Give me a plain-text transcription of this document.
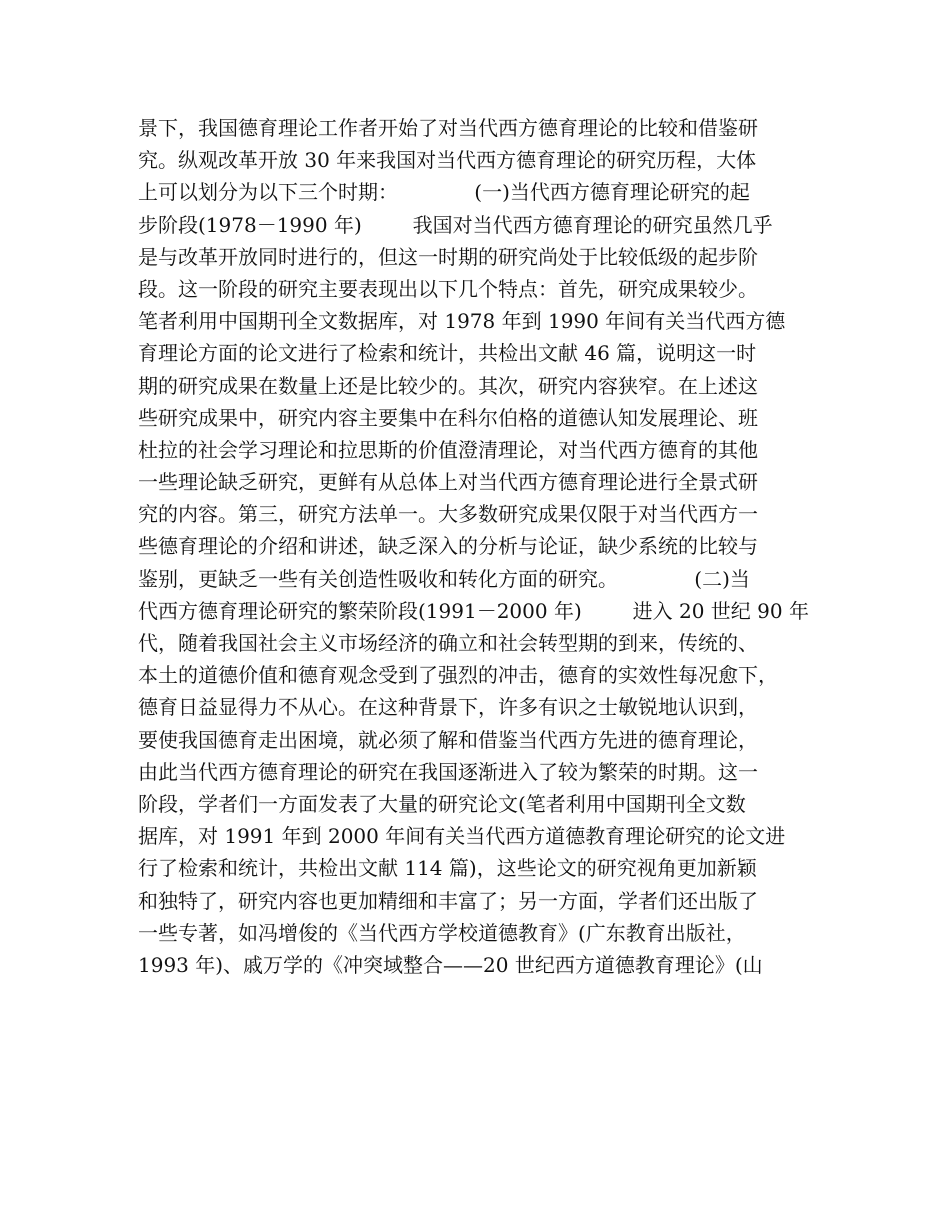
景下，我国德育理论工作者开始了对当代西方德育理论的比较和借鉴研
究。纵观改革开放 30 年来我国对当代西方德育理论的研究历程，大体
上可以划分为以下三个时期：            (一)当代西方德育理论研究的起
步阶段(1978－1990 年)        我国对当代西方德育理论的研究虽然几乎
是与改革开放同时进行的，但这一时期的研究尚处于比较低级的起步阶
段。这一阶段的研究主要表现出以下几个特点：首先，研究成果较少。
笔者利用中国期刊全文数据库，对 1978 年到 1990 年间有关当代西方德
育理论方面的论文进行了检索和统计，共检出文献 46 篇，说明这一时
期的研究成果在数量上还是比较少的。其次，研究内容狭窄。在上述这
些研究成果中，研究内容主要集中在科尔伯格的道德认知发展理论、班
杜拉的社会学习理论和拉思斯的价值澄清理论，对当代西方德育的其他
一些理论缺乏研究，更鲜有从总体上对当代西方德育理论进行全景式研
究的内容。第三，研究方法单一。大多数研究成果仅限于对当代西方一
些德育理论的介绍和讲述，缺乏深入的分析与论证，缺少系统的比较与
鉴别，更缺乏一些有关创造性吸收和转化方面的研究。            (二)当
代西方德育理论研究的繁荣阶段(1991－2000 年)        进入 20 世纪 90 年
代，随着我国社会主义市场经济的确立和社会转型期的到来，传统的、
本土的道德价值和德育观念受到了强烈的冲击，德育的实效性每况愈下，
德育日益显得力不从心。在这种背景下，许多有识之士敏锐地认识到，
要使我国德育走出困境，就必须了解和借鉴当代西方先进的德育理论，
由此当代西方德育理论的研究在我国逐渐进入了较为繁荣的时期。这一
阶段，学者们一方面发表了大量的研究论文(笔者利用中国期刊全文数
据库，对 1991 年到 2000 年间有关当代西方道德教育理论研究的论文进
行了检索和统计，共检出文献 114 篇)，这些论文的研究视角更加新颖
和独特了，研究内容也更加精细和丰富了；另一方面，学者们还出版了
一些专著，如冯增俊的《当代西方学校道德教育》(广东教育出版社，
1993 年)、戚万学的《冲突域整合——20 世纪西方道德教育理论》(山
